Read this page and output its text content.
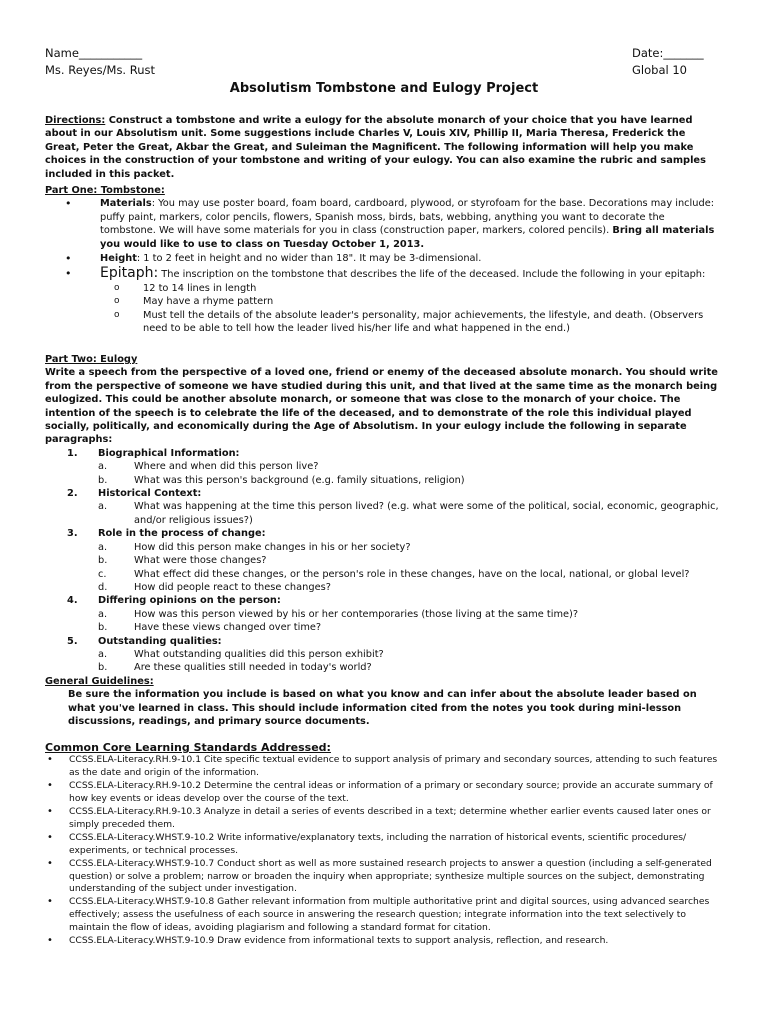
Name___________
Ms. Reyes/Ms. Rust
Date:_______
Global 10
Absolutism Tombstone and Eulogy Project
Directions: Construct a tombstone and write a eulogy for the absolute monarch of your choice that you have learned about in our Absolutism unit. Some suggestions include Charles V, Louis XIV, Phillip II, Maria Theresa, Frederick the Great, Peter the Great, Akbar the Great, and Suleiman the Magnificent. The following information will help you make choices in the construction of your tombstone and writing of your eulogy. You can also examine the rubric and samples included in this packet.
Part One: Tombstone:
• Materials: You may use poster board, foam board, cardboard, plywood, or styrofoam for the base. Decorations may include: puffy paint, markers, color pencils, flowers, Spanish moss, birds, bats, webbing, anything you want to decorate the tombstone. We will have some materials for you in class (construction paper, markers, colored pencils). Bring all materials you would like to use to class on Tuesday October 1, 2013.
• Height: 1 to 2 feet in height and no wider than 18". It may be 3-dimensional.
• Epitaph: The inscription on the tombstone that describes the life of the deceased. Include the following in your epitaph:
o 12 to 14 lines in length
o May have a rhyme pattern
o Must tell the details of the absolute leader's personality, major achievements, the lifestyle, and death. (Observers need to be able to tell how the leader lived his/her life and what happened in the end.)
Part Two: Eulogy
Write a speech from the perspective of a loved one, friend or enemy of the deceased absolute monarch. You should write from the perspective of someone we have studied during this unit, and that lived at the same time as the monarch being eulogized. This could be another absolute monarch, or someone that was close to the monarch of your choice. The intention of the speech is to celebrate the life of the deceased, and to demonstrate of the role this individual played socially, politically, and economically during the Age of Absolutism. In your eulogy include the following in separate paragraphs:
1. Biographical Information:
a.	Where and when did this person live?
b.	What was this person's background (e.g. family situations, religion)
2. Historical Context:
a.	What was happening at the time this person lived? (e.g. what were some of the political, social, economic, geographic, and/or religious issues?)
3. Role in the process of change:
a.	How did this person make changes in his or her society?
b.	What were those changes?
c.	What effect did these changes, or the person's role in these changes, have on the local, national, or global level?
d.	How did people react to these changes?
4. Differing opinions on the person:
a.	How was this person viewed by his or her contemporaries (those living at the same time)?
b.	Have these views changed over time?
5. Outstanding qualities:
a.	What outstanding qualities did this person exhibit?
b.	Are these qualities still needed in today's world?
General Guidelines:
Be sure the information you include is based on what you know and can infer about the absolute leader based on what you've learned in class. This should include information cited from the notes you took during mini-lesson discussions, readings, and primary source documents.
Common Core Learning Standards Addressed:
• CCSS.ELA-Literacy.RH.9-10.1 Cite specific textual evidence to support analysis of primary and secondary sources, attending to such features as the date and origin of the information.
• CCSS.ELA-Literacy.RH.9-10.2 Determine the central ideas or information of a primary or secondary source; provide an accurate summary of how key events or ideas develop over the course of the text.
• CCSS.ELA-Literacy.RH.9-10.3 Analyze in detail a series of events described in a text; determine whether earlier events caused later ones or simply preceded them.
• CCSS.ELA-Literacy.WHST.9-10.2 Write informative/explanatory texts, including the narration of historical events, scientific procedures/ experiments, or technical processes.
• CCSS.ELA-Literacy.WHST.9-10.7 Conduct short as well as more sustained research projects to answer a question (including a self-generated question) or solve a problem; narrow or broaden the inquiry when appropriate; synthesize multiple sources on the subject, demonstrating understanding of the subject under investigation.
• CCSS.ELA-Literacy.WHST.9-10.8 Gather relevant information from multiple authoritative print and digital sources, using advanced searches effectively; assess the usefulness of each source in answering the research question; integrate information into the text selectively to maintain the flow of ideas, avoiding plagiarism and following a standard format for citation.
• CCSS.ELA-Literacy.WHST.9-10.9 Draw evidence from informational texts to support analysis, reflection, and research.
